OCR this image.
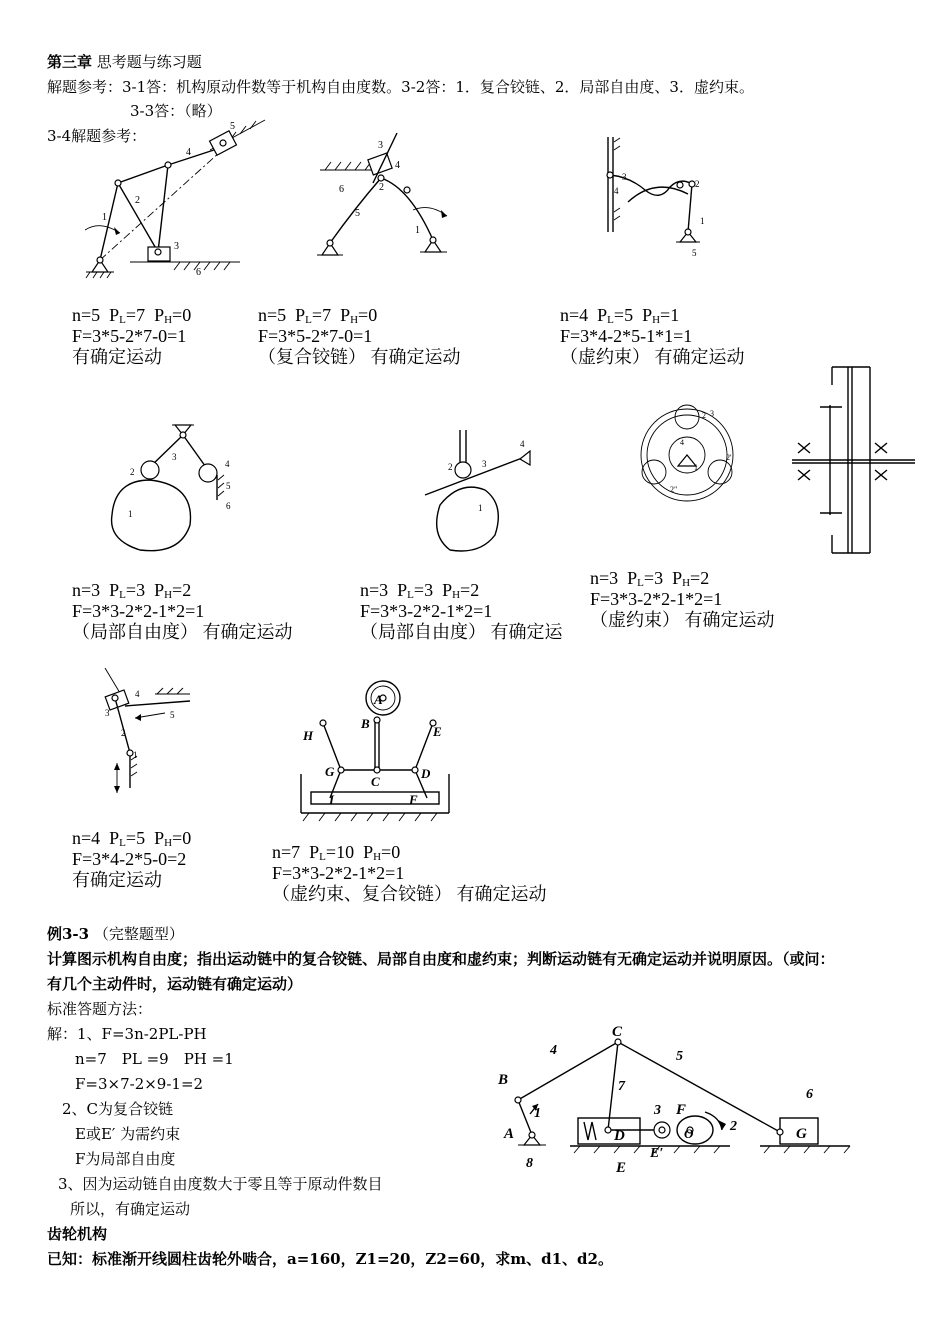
第三章 思考题与练习题
解题参考：3-1答：机构原动件数等于机构自由度数。3-2答：1．复合铰链、2．局部自由度、3．虚约束。
3-3答：（略）
3-4解题参考：
n=5 $P_L=7$ $P_H=0$
F=3*5-2*7-0=1
有确定运动
n=5 $P_L=7$ $P_H=0$
F=3*5-2*7-0=1
（复合铰链） 有确定运动
n=4 $P_L=5$ $P_H=1$
F=3*4-2*5-1*1=1
（虚约束） 有确定运动
n=3 $P_L=3$ $P_H=2$
F=3*3-2*2-1*2=1
（局部自由度） 有确定运动
n=3 $P_L=3$ $P_H=2$
F=3*3-2*2-1*2=1
（局部自由度） 有确定运
n=3 $P_L=3$ $P_H=2$
F=3*3-2*2-1*2=1
（虚约束） 有确定运动
n=4 $P_L=5$ $P_H=0$
F=3*4-2*5-0=2
有确定运动
n=7 $P_L=10$ $P_H=0$
F=3*3-2*2-1*2=1
（虚约束、复合铰链） 有确定运动
1
2
3
4
5
6
1
2
3
4
5
6
3
4
2
1
5
2
3
4
5
6
1
2	3
4
1
3
2
4
1
2'
2"
3
4
5
2
1
A
B
C
D
E
F
G
H
I
例3-3 （完整题型）
计算图示机构自由度；指出运动链中的复合铰链、局部自由度和虚约束；判断运动链有无确定运动并说明原因。（或问：
有几个主动件时，运动链有确定运动）
标准答题方法：
解：1、F=3n-2PL-PH
n=7　PL =9　PH =1
F=3×7-2×9-1=2
2、C为复合铰链
E或E′ 为需约束
F为局部自由度
3、因为运动链自由度数大于零且等于原动件数目
所以，有确定运动
齿轮机构
已知：标准渐开线圆柱齿轮外啮合，a=160，Z1=20，Z2=60，求m、d1、d2。
B
C
A	D
E
E′
F
G
O
1
2
3
4	5
6
7
8
